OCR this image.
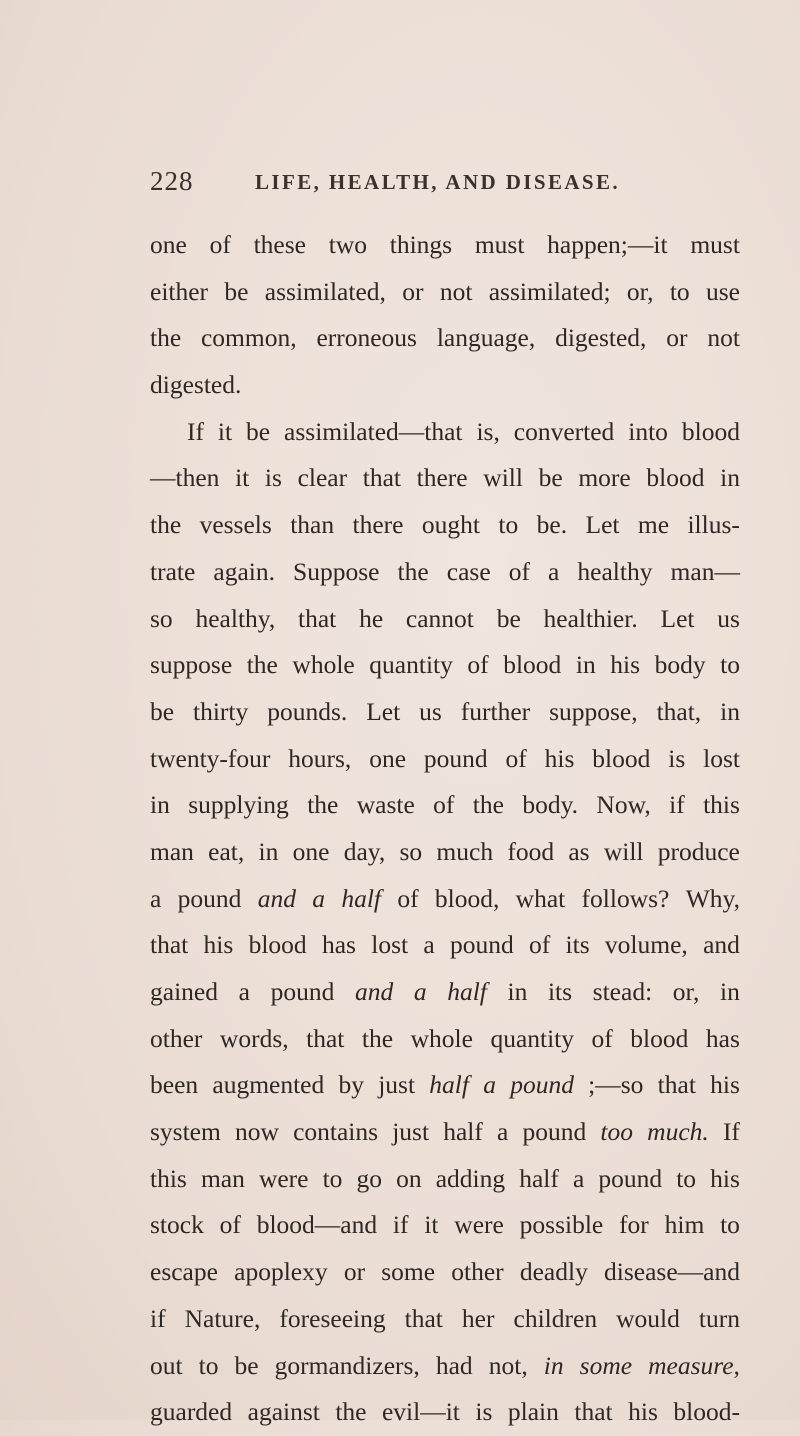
228	LIFE, HEALTH, AND DISEASE.
one of these two things must happen;—it must
either be assimilated, or not assimilated; or, to use
the common, erroneous language, digested, or not
digested.
If it be assimilated—that is, converted into blood
—then it is clear that there will be more blood in
the vessels than there ought to be. Let me illus-
trate again. Suppose the case of a healthy man—
so healthy, that he cannot be healthier. Let us
suppose the whole quantity of blood in his body to
be thirty pounds. Let us further suppose, that, in
twenty-four hours, one pound of his blood is lost
in supplying the waste of the body. Now, if this
man eat, in one day, so much food as will produce
a pound and a half of blood, what follows? Why,
that his blood has lost a pound of its volume, and
gained a pound and a half in its stead: or, in
other words, that the whole quantity of blood has
been augmented by just half a pound ;—so that his
system now contains just half a pound too much. If
this man were to go on adding half a pound to his
stock of blood—and if it were possible for him to
escape apoplexy or some other deadly disease—and
if Nature, foreseeing that her children would turn
out to be gormandizers, had not, in some measure,
guarded against the evil—it is plain that his blood-
